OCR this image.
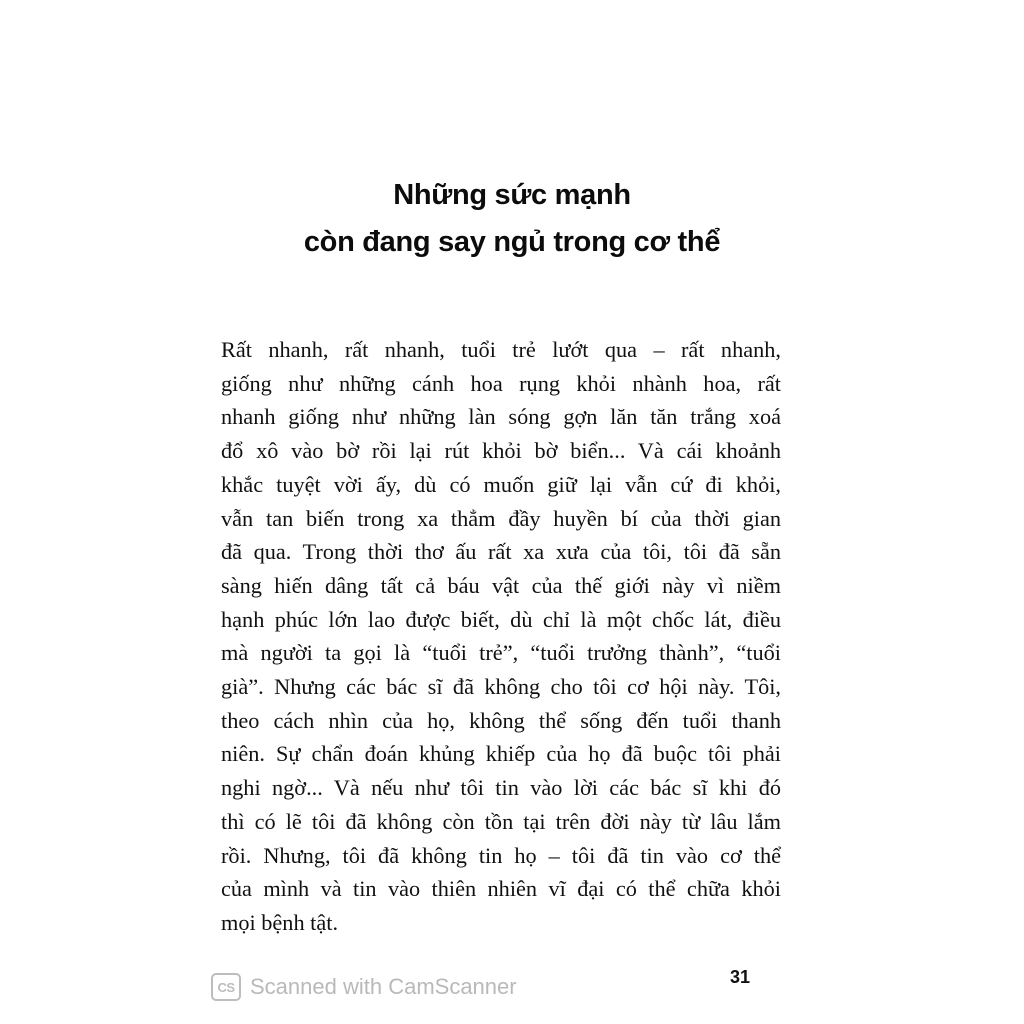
Những sức mạnh
còn đang say ngủ trong cơ thể
Rất nhanh, rất nhanh, tuổi trẻ lướt qua – rất nhanh,
giống như những cánh hoa rụng khỏi nhành hoa, rất
nhanh giống như những làn sóng gợn lăn tăn trắng xoá
đổ xô vào bờ rồi lại rút khỏi bờ biển... Và cái khoảnh
khắc tuyệt vời ấy, dù có muốn giữ lại vẫn cứ đi khỏi,
vẫn tan biến trong xa thẳm đầy huyền bí của thời gian
đã qua. Trong thời thơ ấu rất xa xưa của tôi, tôi đã sẵn
sàng hiến dâng tất cả báu vật của thế giới này vì niềm
hạnh phúc lớn lao được biết, dù chỉ là một chốc lát, điều
mà người ta gọi là “tuổi trẻ”, “tuổi trưởng thành”, “tuổi
già”. Nhưng các bác sĩ đã không cho tôi cơ hội này. Tôi,
theo cách nhìn của họ, không thể sống đến tuổi thanh
niên. Sự chẩn đoán khủng khiếp của họ đã buộc tôi phải
nghi ngờ... Và nếu như tôi tin vào lời các bác sĩ khi đó
thì có lẽ tôi đã không còn tồn tại trên đời này từ lâu lắm
rồi. Nhưng, tôi đã không tin họ – tôi đã tin vào cơ thể
của mình và tin vào thiên nhiên vĩ đại có thể chữa khỏi
mọi bệnh tật.
CS Scanned with CamScanner	31
